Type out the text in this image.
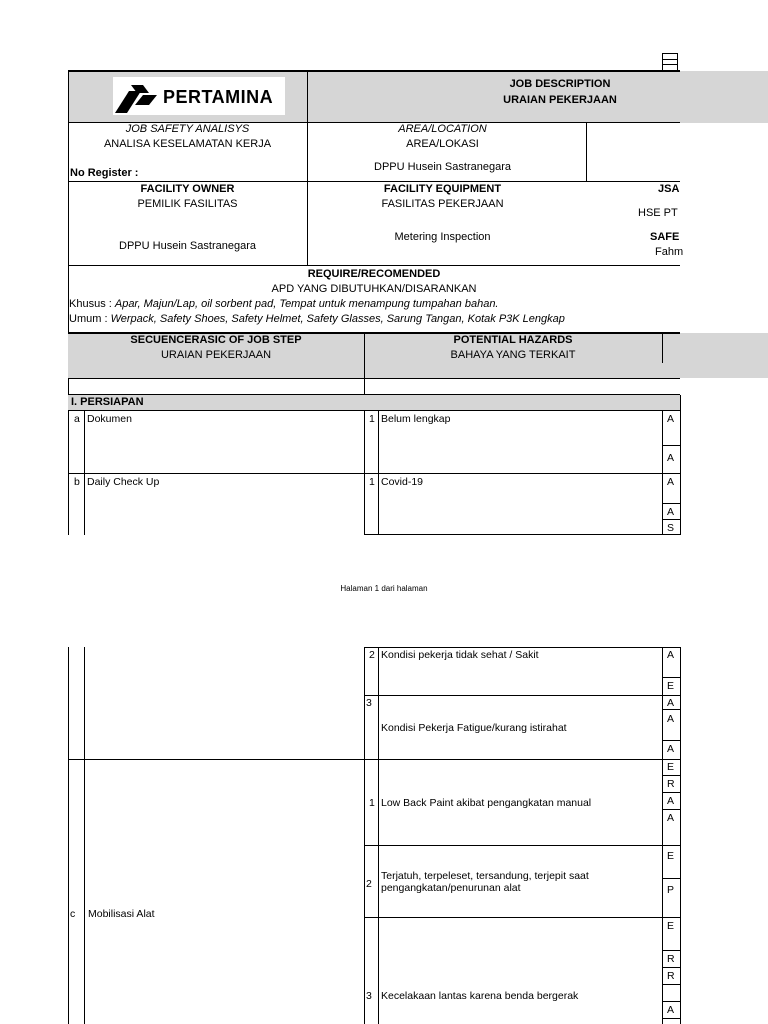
PERTAMINA
JOB DESCRIPTION
URAIAN PEKERJAAN
JOB SAFETY ANALISYS
ANALISA KESELAMATAN KERJA
No Register :
AREA/LOCATION
AREA/LOKASI
DPPU Husein Sastranegara
FACILITY OWNER
PEMILIK FASILITAS
DPPU Husein Sastranegara
FACILITY EQUIPMENT
FASILITAS PEKERJAAN
Metering Inspection
JSA
HSE PT
SAFE
Fahm
REQUIRE/RECOMENDED
APD YANG DIBUTUHKAN/DISARANKAN
Khusus : Apar, Majun/Lap, oil sorbent pad, Tempat untuk menampung tumpahan bahan.
Umum : Werpack, Safety Shoes, Safety Helmet, Safety Glasses, Sarung Tangan, Kotak P3K Lengkap
SECUENCERASIC OF JOB STEP
URAIAN PEKERJAAN
POTENTIAL HAZARDS
BAHAYA YANG TERKAIT
I. PERSIAPAN
a Dokumen	1 Belum lengkap
b Daily Check Up	1 Covid-19
A
A
A
A
S
Halaman 1 dari halaman
2 Kondisi pekerja tidak sehat / Sakit
3
Kondisi Pekerja Fatigue/kurang istirahat
c Mobilisasi Alat
1 Low Back Paint akibat pengangkatan manual
2
Terjatuh, terpeleset, tersandung, terjepit saat
pengangkatan/penurunan alat
3 Kecelakaan lantas karena benda bergerak
A
E
A
A
A
E
R
A
A
E
P
E
R
R
A
